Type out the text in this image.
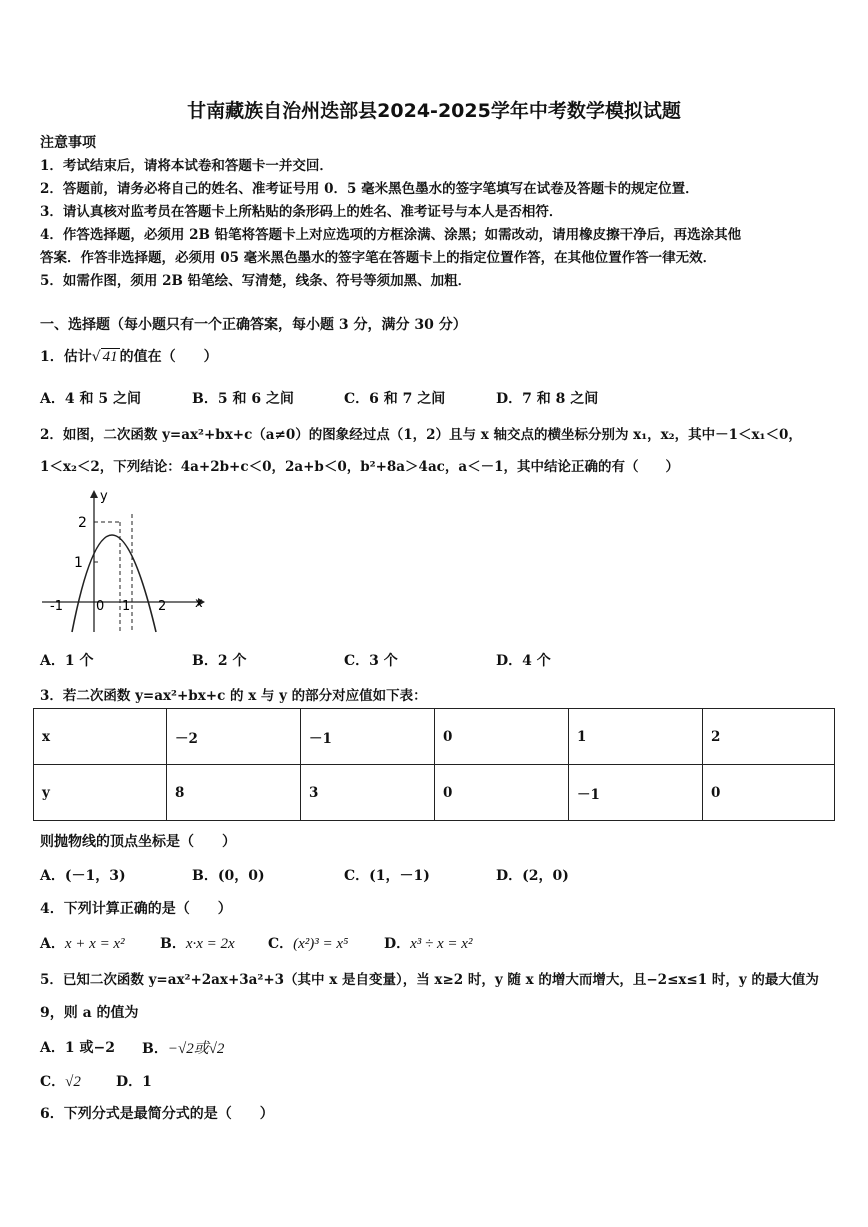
甘南藏族自治州迭部县2024-2025学年中考数学模拟试题
注意事项
1．考试结束后，请将本试卷和答题卡一并交回．
2．答题前，请务必将自己的姓名、准考证号用 0．5 毫米黑色墨水的签字笔填写在试卷及答题卡的规定位置．
3．请认真核对监考员在答题卡上所粘贴的条形码上的姓名、准考证号与本人是否相符．
4．作答选择题，必须用 2B 铅笔将答题卡上对应选项的方框涂满、涂黑；如需改动，请用橡皮擦干净后，再选涂其他
答案．作答非选择题，必须用 05 毫米黑色墨水的签字笔在答题卡上的指定位置作答，在其他位置作答一律无效．
5．如需作图，须用 2B 铅笔绘、写清楚，线条、符号等须加黑、加粗．
一、选择题（每小题只有一个正确答案，每小题 3 分，满分 30 分）
1．估计√ 41 的值在（　　）
A．4 和 5 之间	B．5 和 6 之间	C．6 和 7 之间	D．7 和 8 之间
2．如图，二次函数 y=ax²+bx+c（a≠0）的图象经过点（1，2）且与 x 轴交点的横坐标分别为 x₁，x₂，其中－1＜x₁＜0，
1＜x₂＜2，下列结论：4a+2b+c＜0，2a+b＜0，b²+8a＞4ac，a＜－1，其中结论正确的有（　　）
y
x
-1	0 1 2
1
2
A．1 个	B．2 个	C．3 个	D．4 个
3．若二次函数 y=ax²+bx+c 的 x 与 y 的部分对应值如下表：
x	－2	－1	0	1	2
y	8	3	0	－1	0
则抛物线的顶点坐标是（　　）
A．(－1，3)	B．(0，0)	C．(1，－1)	D．(2，0)
4．下列计算正确的是（　　）
A．x + x = x²	B．x·x = 2x C．(x²)³ = x⁵	D．x³ ÷ x = x²
5．已知二次函数 y=ax²+2ax+3a²+3（其中 x 是自变量），当 x≥2 时，y 随 x 的增大而增大，且−2≤x≤1 时，y 的最大值为
9，则 a 的值为
A．1 或−2 B．−√2或√2
C．√2	D．1
6．下列分式是最简分式的是（　　）
